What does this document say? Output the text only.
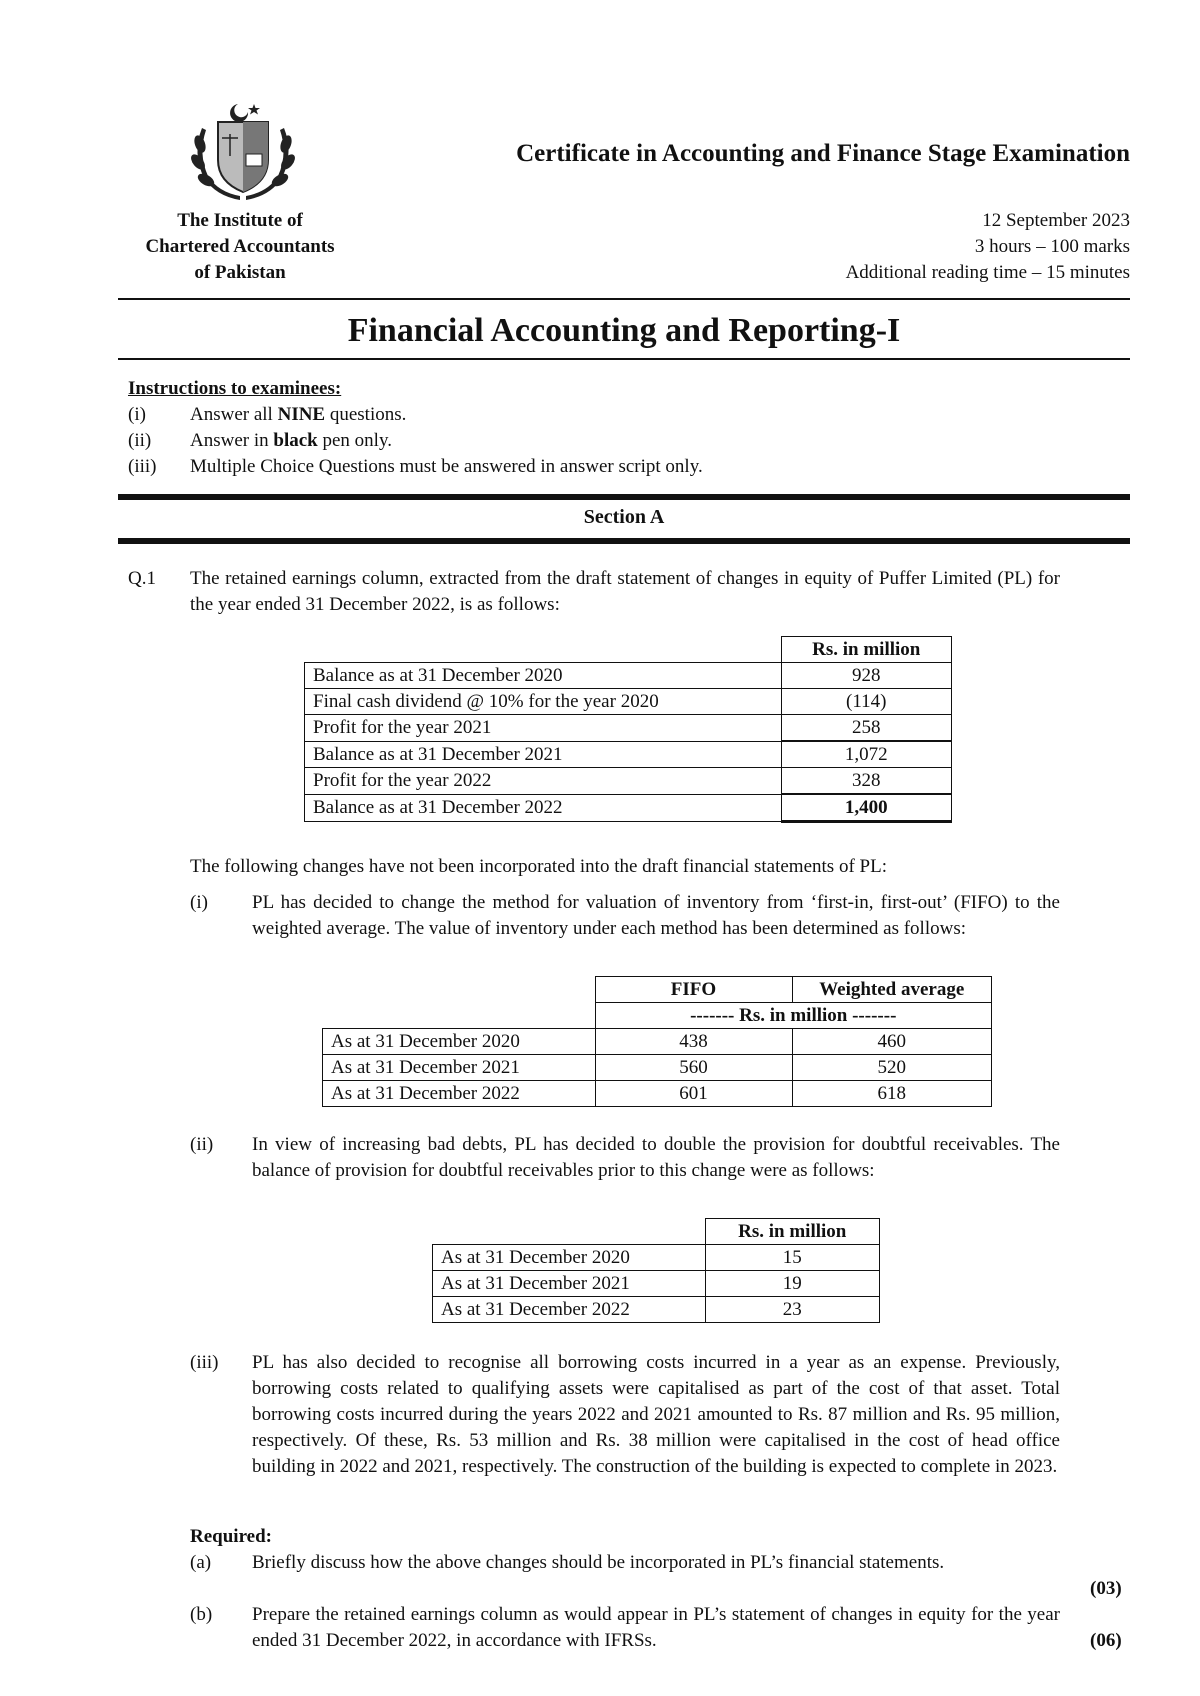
The Institute of
Chartered Accountants
of Pakistan
Certificate in Accounting and Finance Stage Examination
12 September 2023
3 hours – 100 marks
Additional reading time – 15 minutes
Financial Accounting and Reporting-I
Instructions to examinees:
(i)	Answer all NINE questions.
(ii)	Answer in black pen only.
(iii)	Multiple Choice Questions must be answered in answer script only.
Section A
Q.1 The retained earnings column, extracted from the draft statement of changes in equity of Puffer Limited (PL) for the year ended 31 December 2022, is as follows:
	Rs. in million
Balance as at 31 December 2020	928
Final cash dividend @ 10% for the year 2020	(114)
Profit for the year 2021	258
Balance as at 31 December 2021	1,072
Profit for the year 2022	328
Balance as at 31 December 2022	1,400
The following changes have not been incorporated into the draft financial statements of PL:
(i)	PL has decided to change the method for valuation of inventory from ‘first-in, first-out’ (FIFO) to the weighted average. The value of inventory under each method has been determined as follows:
	FIFO	Weighted average
	------- Rs. in million -------	
As at 31 December 2020	438	460
As at 31 December 2021	560	520
As at 31 December 2022	601	618
(ii)	In view of increasing bad debts, PL has decided to double the provision for doubtful receivables. The balance of provision for doubtful receivables prior to this change were as follows:
	Rs. in million
As at 31 December 2020	15
As at 31 December 2021	19
As at 31 December 2022	23
(iii)	PL has also decided to recognise all borrowing costs incurred in a year as an expense. Previously, borrowing costs related to qualifying assets were capitalised as part of the cost of that asset. Total borrowing costs incurred during the years 2022 and 2021 amounted to Rs. 87 million and Rs. 95 million, respectively. Of these, Rs. 53 million and Rs. 38 million were capitalised in the cost of head office building in 2022 and 2021, respectively. The construction of the building is expected to complete in 2023.
Required:
(a)	Briefly discuss how the above changes should be incorporated in PL’s financial statements.
(03)
(b)	Prepare the retained earnings column as would appear in PL’s statement of changes in equity for the year ended 31 December 2022, in accordance with IFRSs.	(06)
